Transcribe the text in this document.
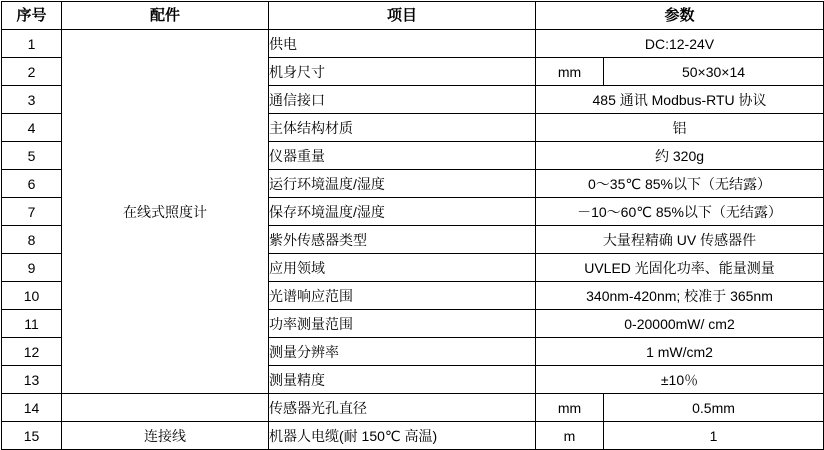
序号	配件	项目	参数	
1	在线式照度计	供电	DC:12-24V	
2		机身尺寸	mm	50×30×14
3		通信接口	485 通讯 Modbus-RTU 协议	
4		主体结构材质	铝	
5		仪器重量	约 320g	
6		运行环境温度/湿度	0～35℃ 85%以下（无结露）	
7		保存环境温度/湿度	－10～60℃ 85%以下（无结露）	
8		紫外传感器类型	大量程精确 UV 传感器件	
9		应用领域	UVLED 光固化功率、能量测量	
10		光谱响应范围	340nm-420nm; 校准于 365nm	
11		功率测量范围	0-20000mW/ cm2	
12		测量分辨率	1 mW/cm2	
13		测量精度	±10％	
14		传感器光孔直径	mm	0.5mm
15	连接线	机器人电缆(耐 150℃ 高温)	m	1
